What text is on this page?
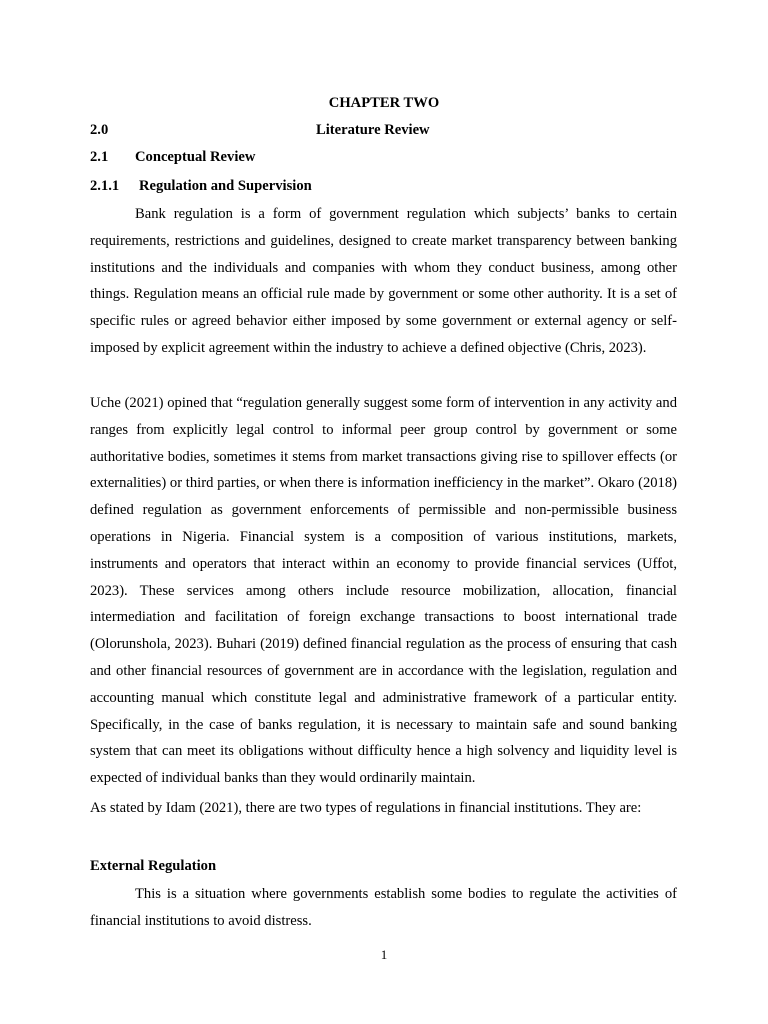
CHAPTER TWO
2.0	Literature Review
2.1 Conceptual Review
2.1.1 Regulation and Supervision

Bank regulation is a form of government regulation which subjects’ banks to certain requirements, restrictions and guidelines, designed to create market transparency between banking institutions and the individuals and companies with whom they conduct business, among other things. Regulation means an official rule made by government or some other authority. It is a set of specific rules or agreed behavior either imposed by some government or external agency or self- imposed by explicit agreement within the industry to achieve a defined objective (Chris, 2023).

Uche (2021) opined that “regulation generally suggest some form of intervention in any activity and ranges from explicitly legal control to informal peer group control by government or some authoritative bodies, sometimes it stems from market transactions giving rise to spillover effects (or externalities) or third parties, or when there is information inefficiency in the market”. Okaro (2018) defined regulation as government enforcements of permissible and non-permissible business operations in Nigeria. Financial system is a composition of various institutions, markets, instruments and operators that interact within an economy to provide financial services (Uffot, 2023). These services among others include resource mobilization, allocation, financial intermediation and facilitation of foreign exchange transactions to boost international trade (Olorunshola, 2023). Buhari (2019) defined financial regulation as the process of ensuring that cash and other financial resources of government are in accordance with the legislation, regulation and accounting manual which constitute legal and administrative framework of a particular entity. Specifically, in the case of banks regulation, it is necessary to maintain safe and sound banking system that can meet its obligations without difficulty hence a high solvency and liquidity level is expected of individual banks than they would ordinarily maintain.

As stated by Idam (2021), there are two types of regulations in financial institutions. They are:

External Regulation

This is a situation where governments establish some bodies to regulate the activities of financial institutions to avoid distress.

1
